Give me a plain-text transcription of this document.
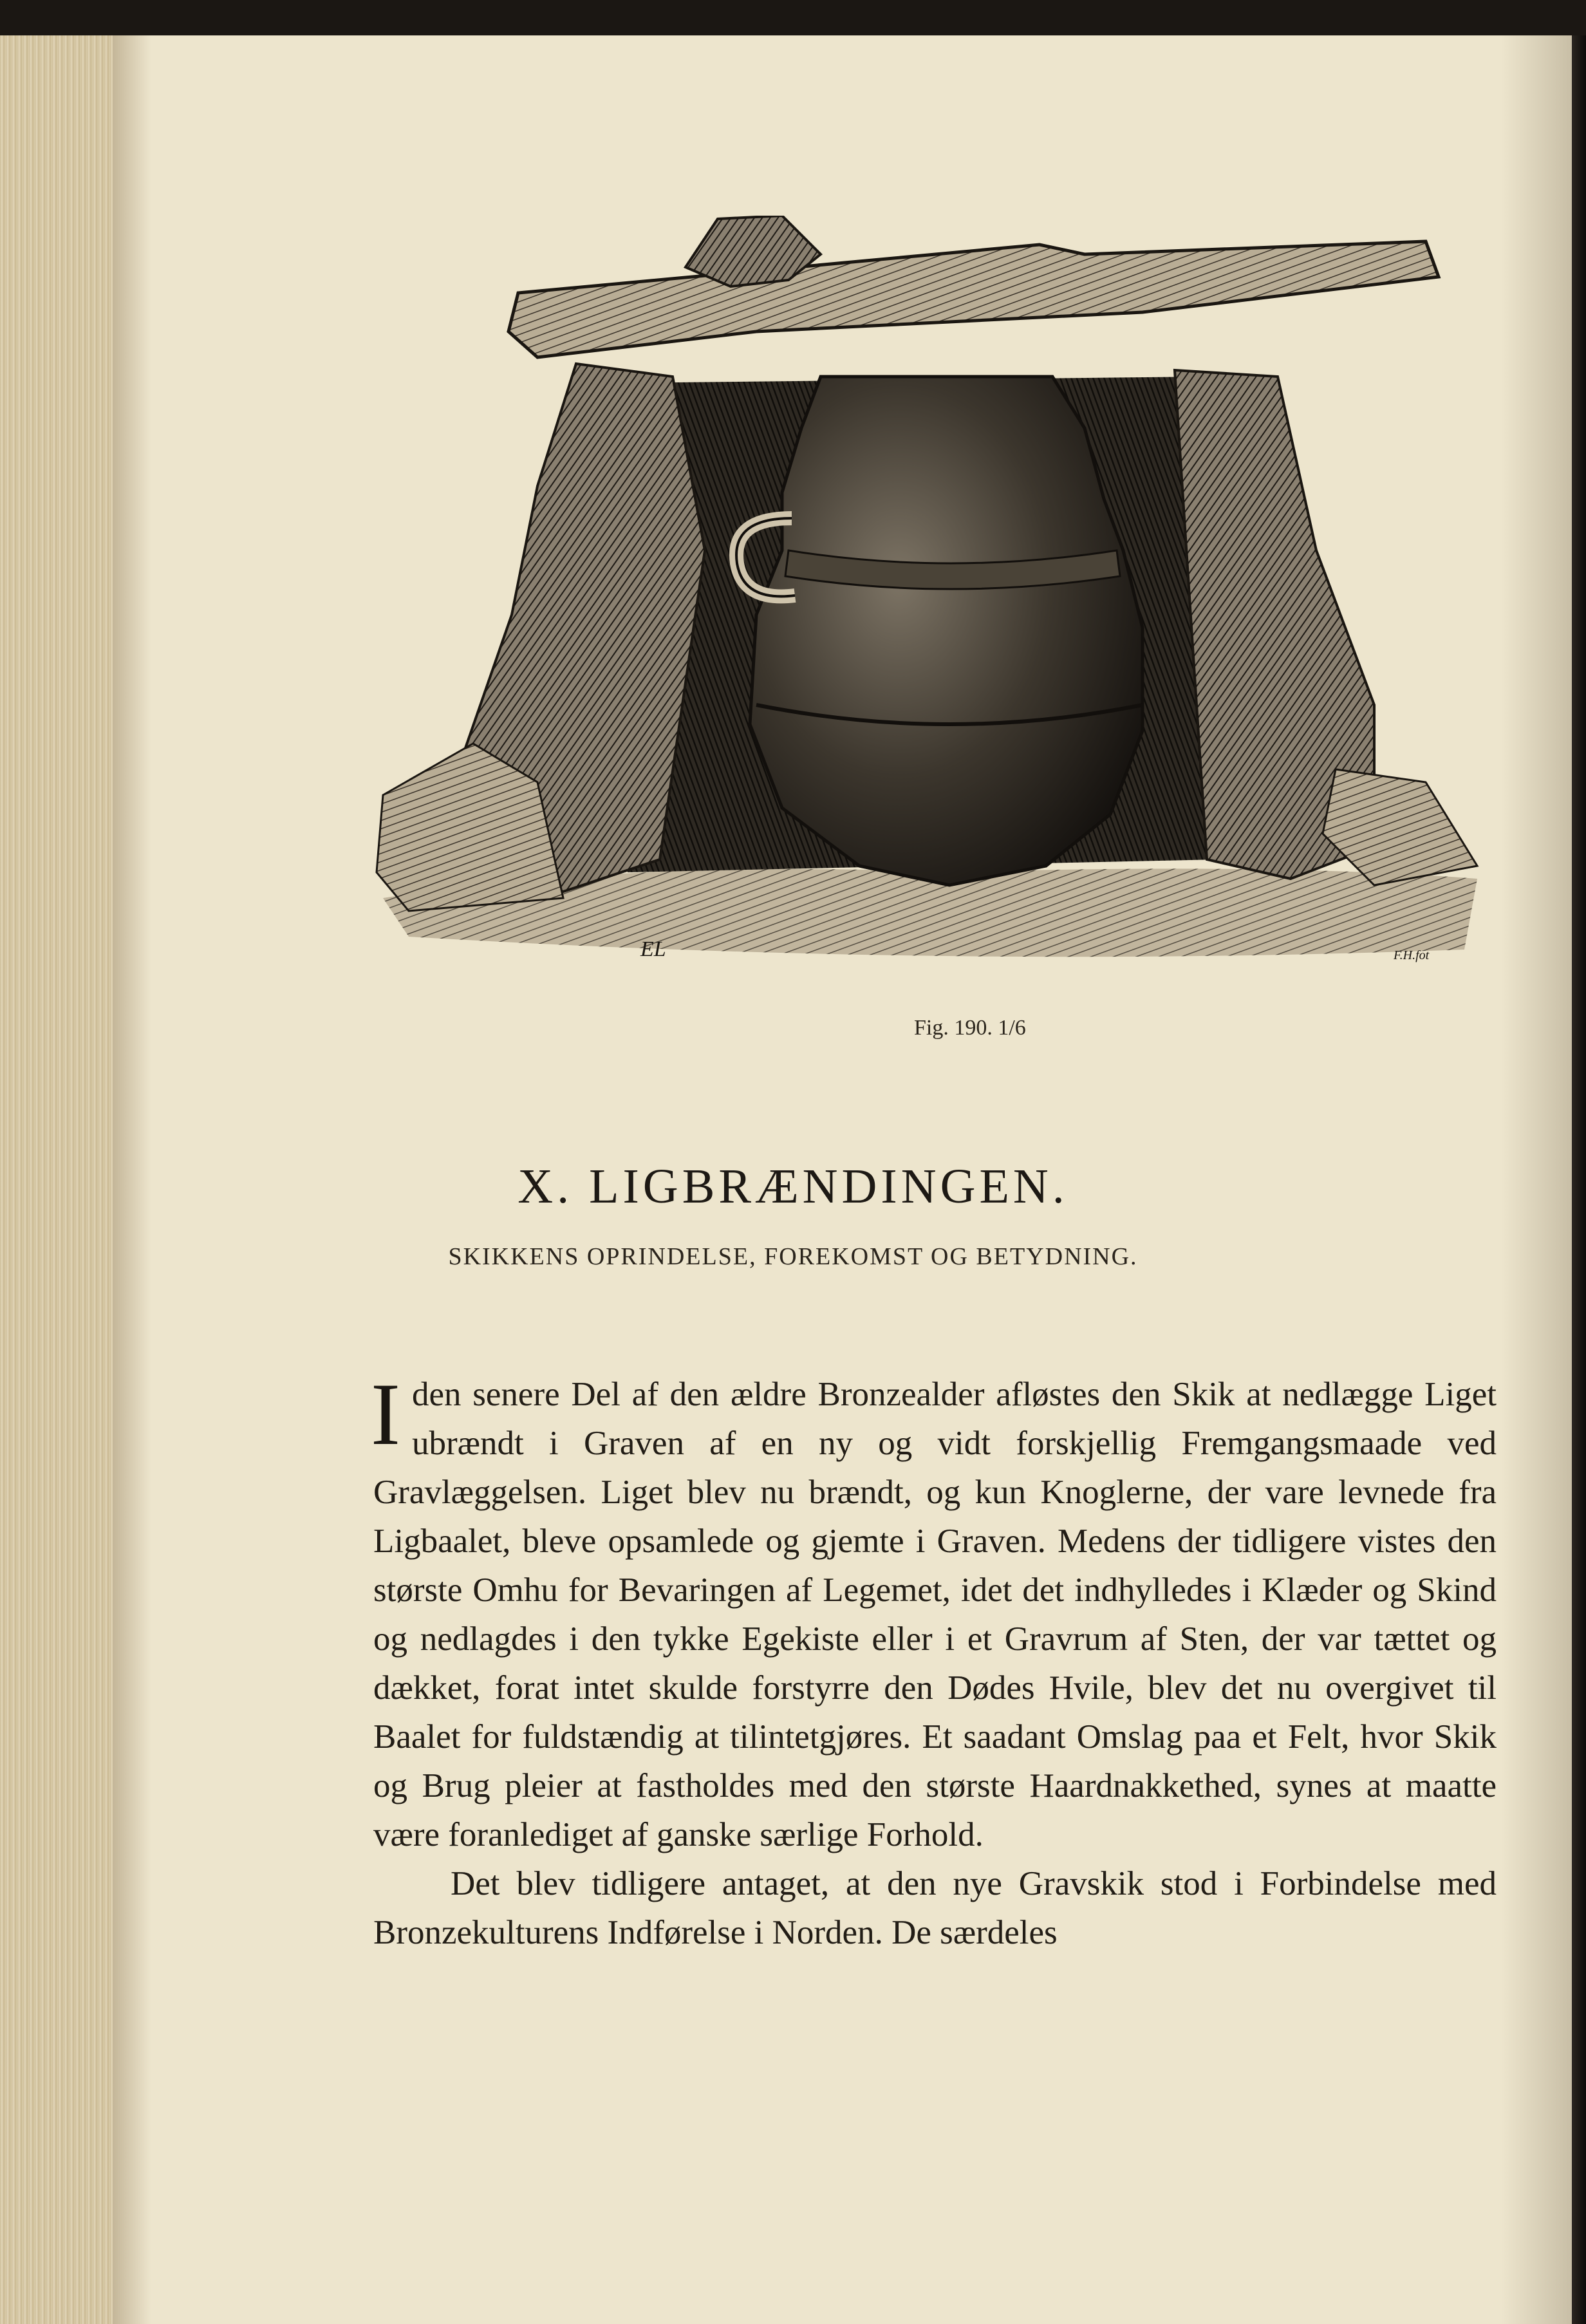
EL	F.H.fot
Fig. 190. 1/6
X. LIGBRÆNDINGEN.
SKIKKENS OPRINDELSE, FOREKOMST OG BETYDNING.

I den senere Del af den ældre Bronzealder afløstes den Skik at nedlægge Liget ubrændt i Graven af en ny og vidt forskjellig Fremgangsmaade ved Gravlæggelsen. Liget blev nu brændt, og kun Knoglerne, der vare levnede fra Ligbaalet, bleve opsamlede og gjemte i Graven. Medens der tidligere vistes den største Omhu for Bevaringen af Legemet, idet det indhylledes i Klæder og Skind og nedlagdes i den tykke Egekiste eller i et Gravrum af Sten, der var tættet og dækket, forat intet skulde forstyrre den Dødes Hvile, blev det nu overgivet til Baalet for fuldstændig at tilintetgjøres. Et saadant Omslag paa et Felt, hvor Skik og Brug pleier at fastholdes med den største Haardnakkethed, synes at maatte være foranlediget af ganske særlige Forhold.

Det blev tidligere antaget, at den nye Gravskik stod i Forbindelse med Bronzekulturens Indførelse i Norden. De særdeles
